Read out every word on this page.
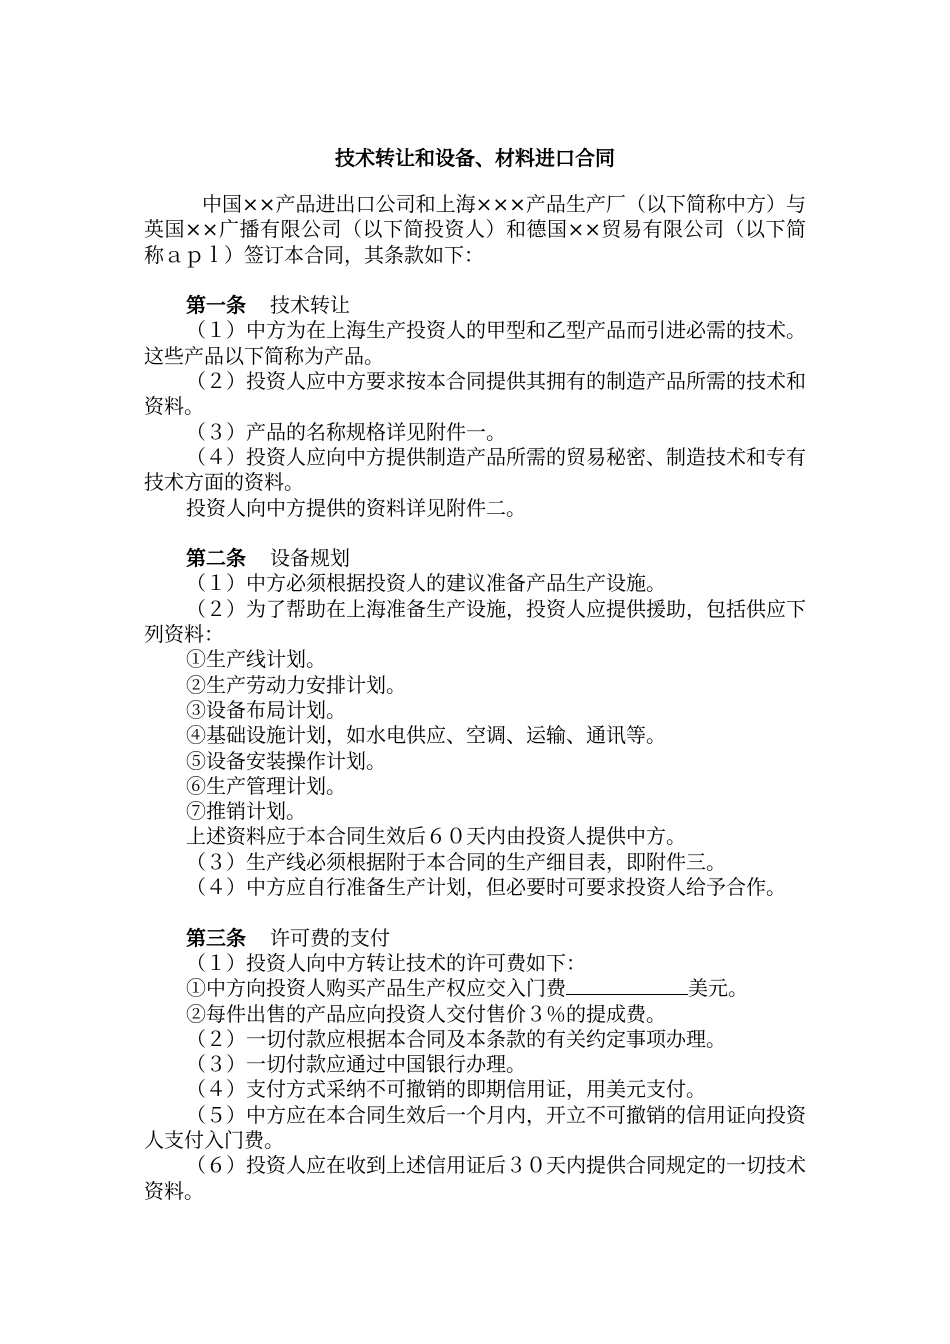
技术转让和设备、材料进口合同

中国××产品进出口公司和上海×××产品生产厂（以下简称中方）与英国××广播有限公司（以下简投资人）和德国××贸易有限公司（以下简称ａｐｌ）签订本合同，其条款如下：

第一条 技术转让

（１）中方为在上海生产投资人的甲型和乙型产品而引进必需的技术。这些产品以下简称为产品。

（２）投资人应中方要求按本合同提供其拥有的制造产品所需的技术和资料。

（３）产品的名称规格详见附件一。

（４）投资人应向中方提供制造产品所需的贸易秘密、制造技术和专有技术方面的资料。

投资人向中方提供的资料详见附件二。

第二条 设备规划

（１）中方必须根据投资人的建议准备产品生产设施。

（２）为了帮助在上海准备生产设施，投资人应提供援助，包括供应下列资料：

①生产线计划。

②生产劳动力安排计划。

③设备布局计划。

④基础设施计划，如水电供应、空调、运输、通讯等。

⑤设备安装操作计划。

⑥生产管理计划。

⑦推销计划。

上述资料应于本合同生效后６０天内由投资人提供中方。

（３）生产线必须根据附于本合同的生产细目表，即附件三。

（４）中方应自行准备生产计划，但必要时可要求投资人给予合作。

第三条 许可费的支付

（１）投资人向中方转让技术的许可费如下：

①中方向投资人购买产品生产权应交入门费	美元。

②每件出售的产品应向投资人交付售价３％的提成费。

（２）一切付款应根据本合同及本条款的有关约定事项办理。

（３）一切付款应通过中国银行办理。

（４）支付方式采纳不可撤销的即期信用证，用美元支付。

（５）中方应在本合同生效后一个月内，开立不可撤销的信用证向投资人支付入门费。

（６）投资人应在收到上述信用证后３０天内提供合同规定的一切技术资料。
